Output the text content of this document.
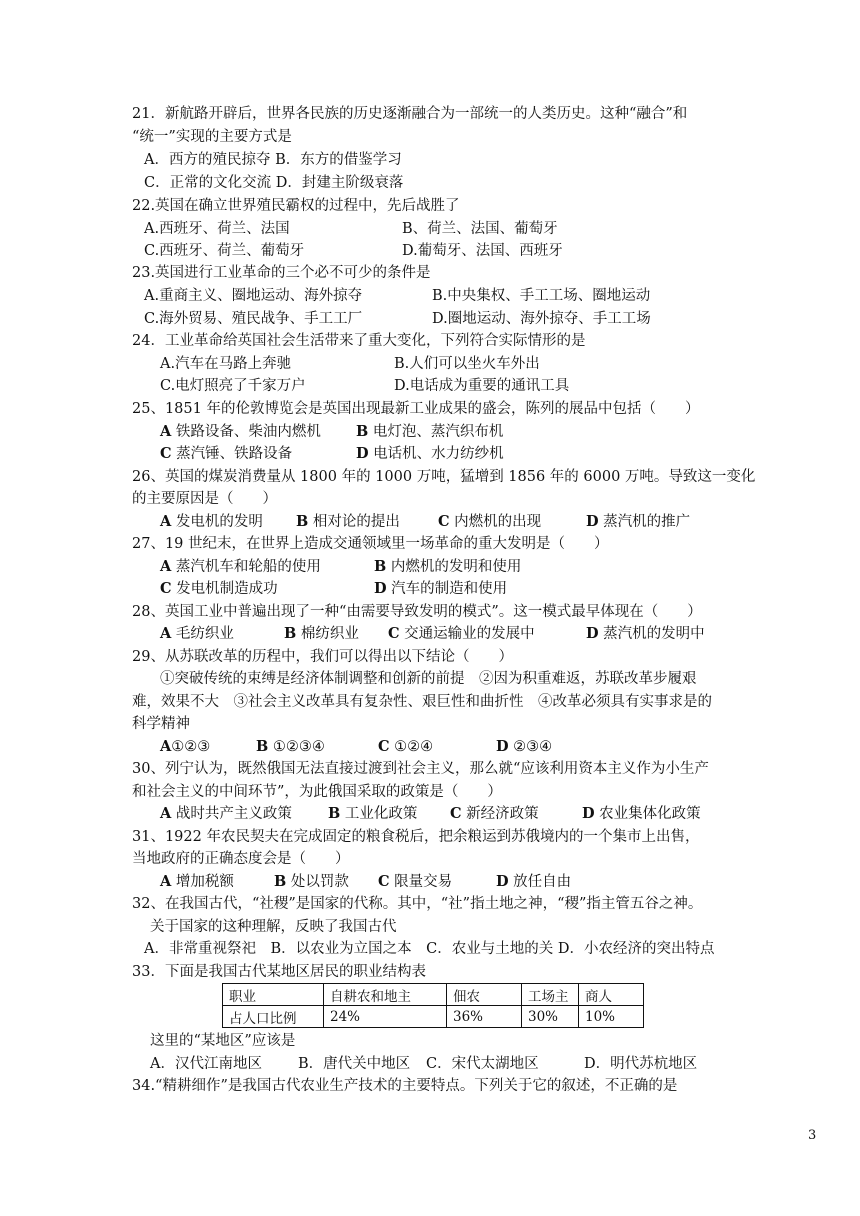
21．新航路开辟后，世界各民族的历史逐渐融合为一部统一的人类历史。这种“融合”和
“统一”实现的主要方式是
A．西方的殖民掠夺 B．东方的借鉴学习
C．正常的文化交流 D．封建主阶级衰落
22.英国在确立世界殖民霸权的过程中，先后战胜了
A.西班牙、荷兰、法国	B、荷兰、法国、葡萄牙
C.西班牙、荷兰、葡萄牙	D.葡萄牙、法国、西班牙
23.英国进行工业革命的三个必不可少的条件是
A.重商主义、圈地运动、海外掠夺	B.中央集权、手工工场、圈地运动
C.海外贸易、殖民战争、手工工厂	D.圈地运动、海外掠夺、手工工场
24．工业革命给英国社会生活带来了重大变化，下列符合实际情形的是
A.汽车在马路上奔驰	B.人们可以坐火车外出
C.电灯照亮了千家万户	D.电话成为重要的通讯工具
25、1851 年的伦敦博览会是英国出现最新工业成果的盛会，陈列的展品中包括（　　）
A 铁路设备、柴油内燃机 B 电灯泡、蒸汽织布机
C 蒸汽锤、铁路设备	D 电话机、水力纺纱机
26、英国的煤炭消费量从 1800 年的 1000 万吨，猛增到 1856 年的 6000 万吨。导致这一变化
的主要原因是（　　）
A 发电机的发明 B 相对论的提出	C 内燃机的出现	D 蒸汽机的推广
27、19 世纪末，在世界上造成交通领域里一场革命的重大发明是（　　）
A 蒸汽机车和轮船的使用	B 内燃机的发明和使用
C 发电机制造成功	D 汽车的制造和使用
28、英国工业中普遍出现了一种“由需要导致发明的模式”。这一模式最早体现在（　　）
A 毛纺织业	B 棉纺织业 C 交通运输业的发展中	D 蒸汽机的发明中
29、从苏联改革的历程中，我们可以得出以下结论（　　）
①突破传统的束缚是经济体制调整和创新的前提　②因为积重难返，苏联改革步履艰
难，效果不大　③社会主义改革具有复杂性、艰巨性和曲折性　④改革必须具有实事求是的
科学精神
A①②③	B ①②③④	C ①②④	D ②③④
30、列宁认为，既然俄国无法直接过渡到社会主义，那么就“应该利用资本主义作为小生产
和社会主义的中间环节”，为此俄国采取的政策是（　　）
A 战时共产主义政策 B 工业化政策 C 新经济政策	D 农业集体化政策
31、1922 年农民契夫在完成固定的粮食税后，把余粮运到苏俄境内的一个集市上出售，
当地政府的正确态度会是（　　）
A 增加税额	B 处以罚款 C 限量交易	D 放任自由
32、在我国古代，“社稷”是国家的代称。其中，“社”指土地之神，“稷”指主管五谷之神。
关于国家的这种理解，反映了我国古代
A．非常重视祭祀　B．以农业为立国之本　C．农业与土地的关 D．小农经济的突出特点
33．下面是我国古代某地区居民的职业结构表
职业	自耕农和地主	佃农	工场主	商人
占人口比例	24%	36%	30%	10%
这里的“某地区”应该是
A．汉代江南地区 B．唐代关中地区 C．宋代太湖地区	D．明代苏杭地区
34.“精耕细作”是我国古代农业生产技术的主要特点。下列关于它的叙述，不正确的是
3
